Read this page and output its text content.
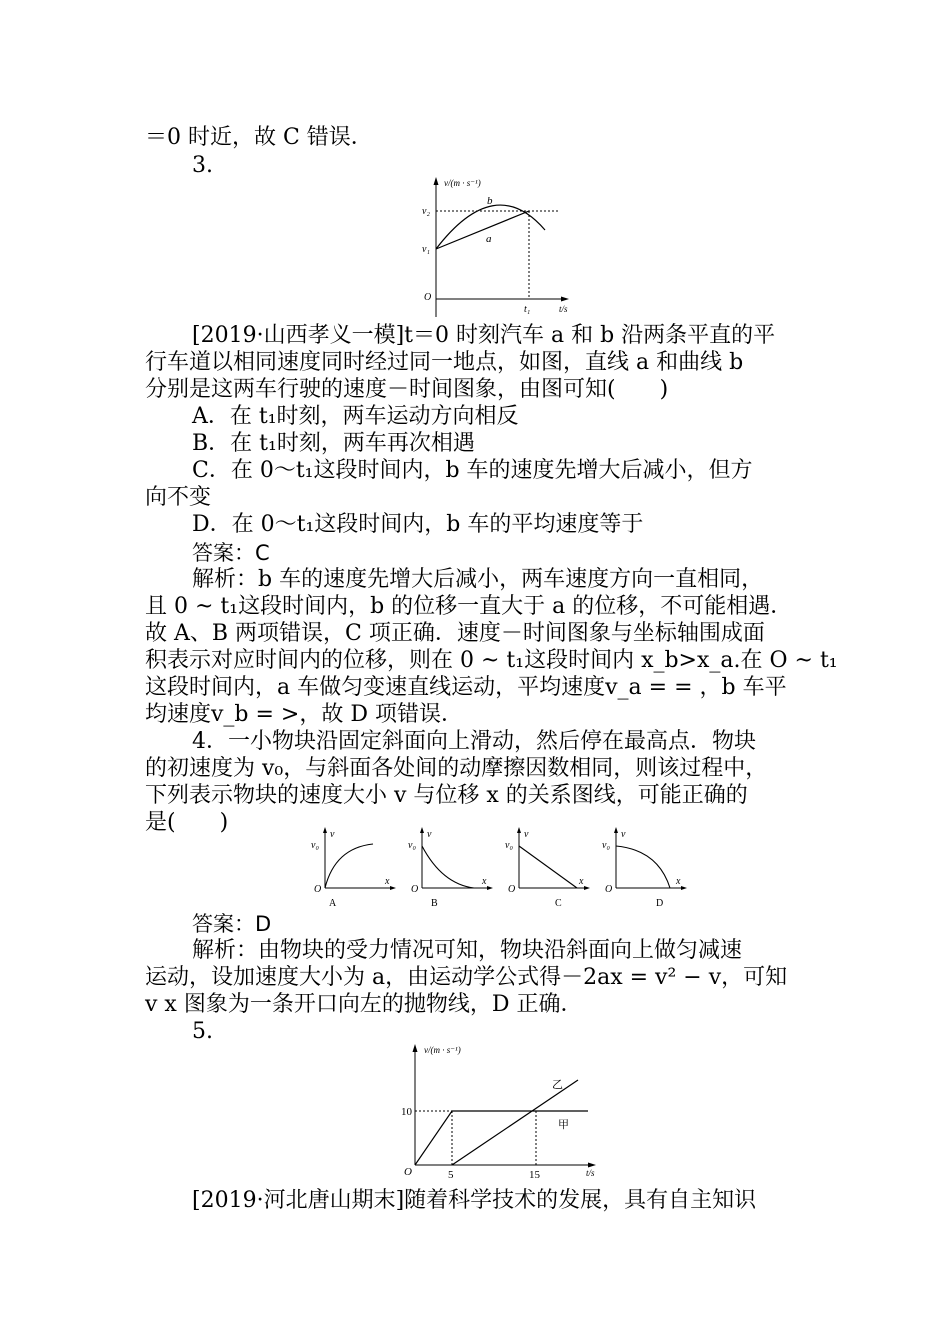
＝0 时近，故 C 错误．
3.
v/(m · s⁻¹)
v₂
v₁
O
t₁	t/s
b
a
[2019·山西孝义一模]t＝0 时刻汽车 a 和 b 沿两条平直的平
行车道以相同速度同时经过同一地点，如图，直线 a 和曲线 b
分别是这两车行驶的速度－时间图象，由图可知(　　)
A．在 t₁时刻，两车运动方向相反
B．在 t₁时刻，两车再次相遇
C．在 0～t₁这段时间内，b 车的速度先增大后减小，但方
向不变
D．在 0～t₁这段时间内，b 车的平均速度等于
答案：C
解析：b 车的速度先增大后减小，两车速度方向一直相同，
且 0 ~ t₁这段时间内，b 的位移一直大于 a 的位移，不可能相遇．
故 A、B 两项错误，C 项正确．速度－时间图象与坐标轴围成面
积表示对应时间内的位移，则在 0 ~ t₁这段时间内 x_b>x_a.在 O ~ t₁
这段时间内，a 车做匀变速直线运动，平均速度v_a = = ，b 车平
均速度v_b = >，故 D 项错误．
4．一小物块沿固定斜面向上滑动，然后停在最高点．物块
的初速度为 v₀，与斜面各处间的动摩擦因数相同，则该过程中，
下列表示物块的速度大小 v 与位移 x 的关系图线，可能正确的
是(　　)	v
v₀
O
x
A
v
v₀
O
x
B
v
v₀
O
x
C
v
v₀
O
x
D
答案：D
解析：由物块的受力情况可知，物块沿斜面向上做匀减速
运动，设加速度大小为 a，由运动学公式得－2ax = v² − v，可知
v x 图象为一条开口向左的抛物线，D 正确．
5.
v/(m · s⁻¹)
10
O	5	15	t/s
乙
甲
[2019·河北唐山期末]随着科学技术的发展，具有自主知识
